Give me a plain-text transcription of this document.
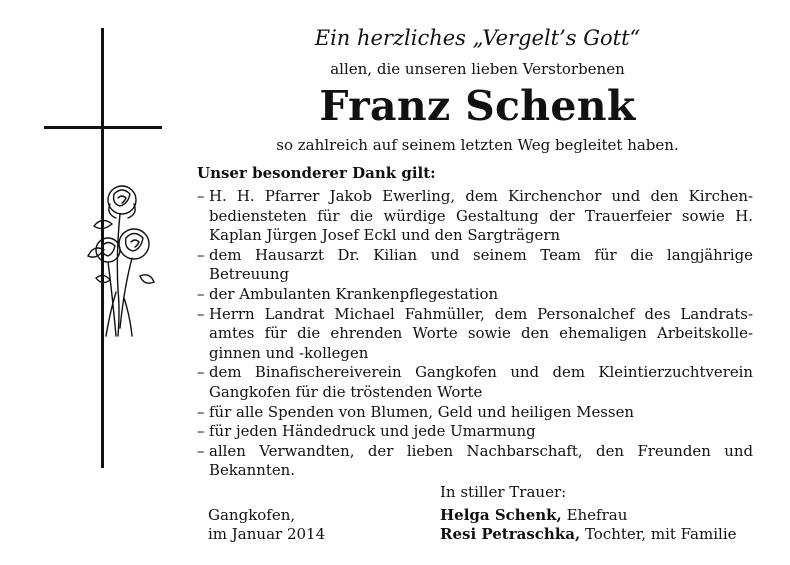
Ein herzliches „Vergelt’s Gott“
allen, die unseren lieben Verstorbenen
Franz Schenk
so zahlreich auf seinem letzten Weg begleitet haben.
Unser besonderer Dank gilt:
– H. H. Pfarrer Jakob Ewerling, dem Kirchenchor und den Kirchenbediensteten für die würdige Gestaltung der Trauerfeier sowie H. Kaplan Jürgen Josef Eckl und den Sargträgern
– dem Hausarzt Dr. Kilian und seinem Team für die langjährige Betreuung
– der Ambulanten Krankenpflegestation
– Herrn Landrat Michael Fahmüller, dem Personalchef des Landratsamtes für die ehrenden Worte sowie den ehemaligen Arbeitskolleginnen und -kollegen
– dem Binafischereiverein Gangkofen und dem Kleintierzuchtverein Gangkofen für die tröstenden Worte
– für alle Spenden von Blumen, Geld und heiligen Messen
– für jeden Händedruck und jede Umarmung
– allen Verwandten, der lieben Nachbarschaft, den Freunden und Bekannten.
In stiller Trauer:
Gangkofen,
im Januar 2014
Helga Schenk, Ehefrau
Resi Petraschka, Tochter, mit Familie
